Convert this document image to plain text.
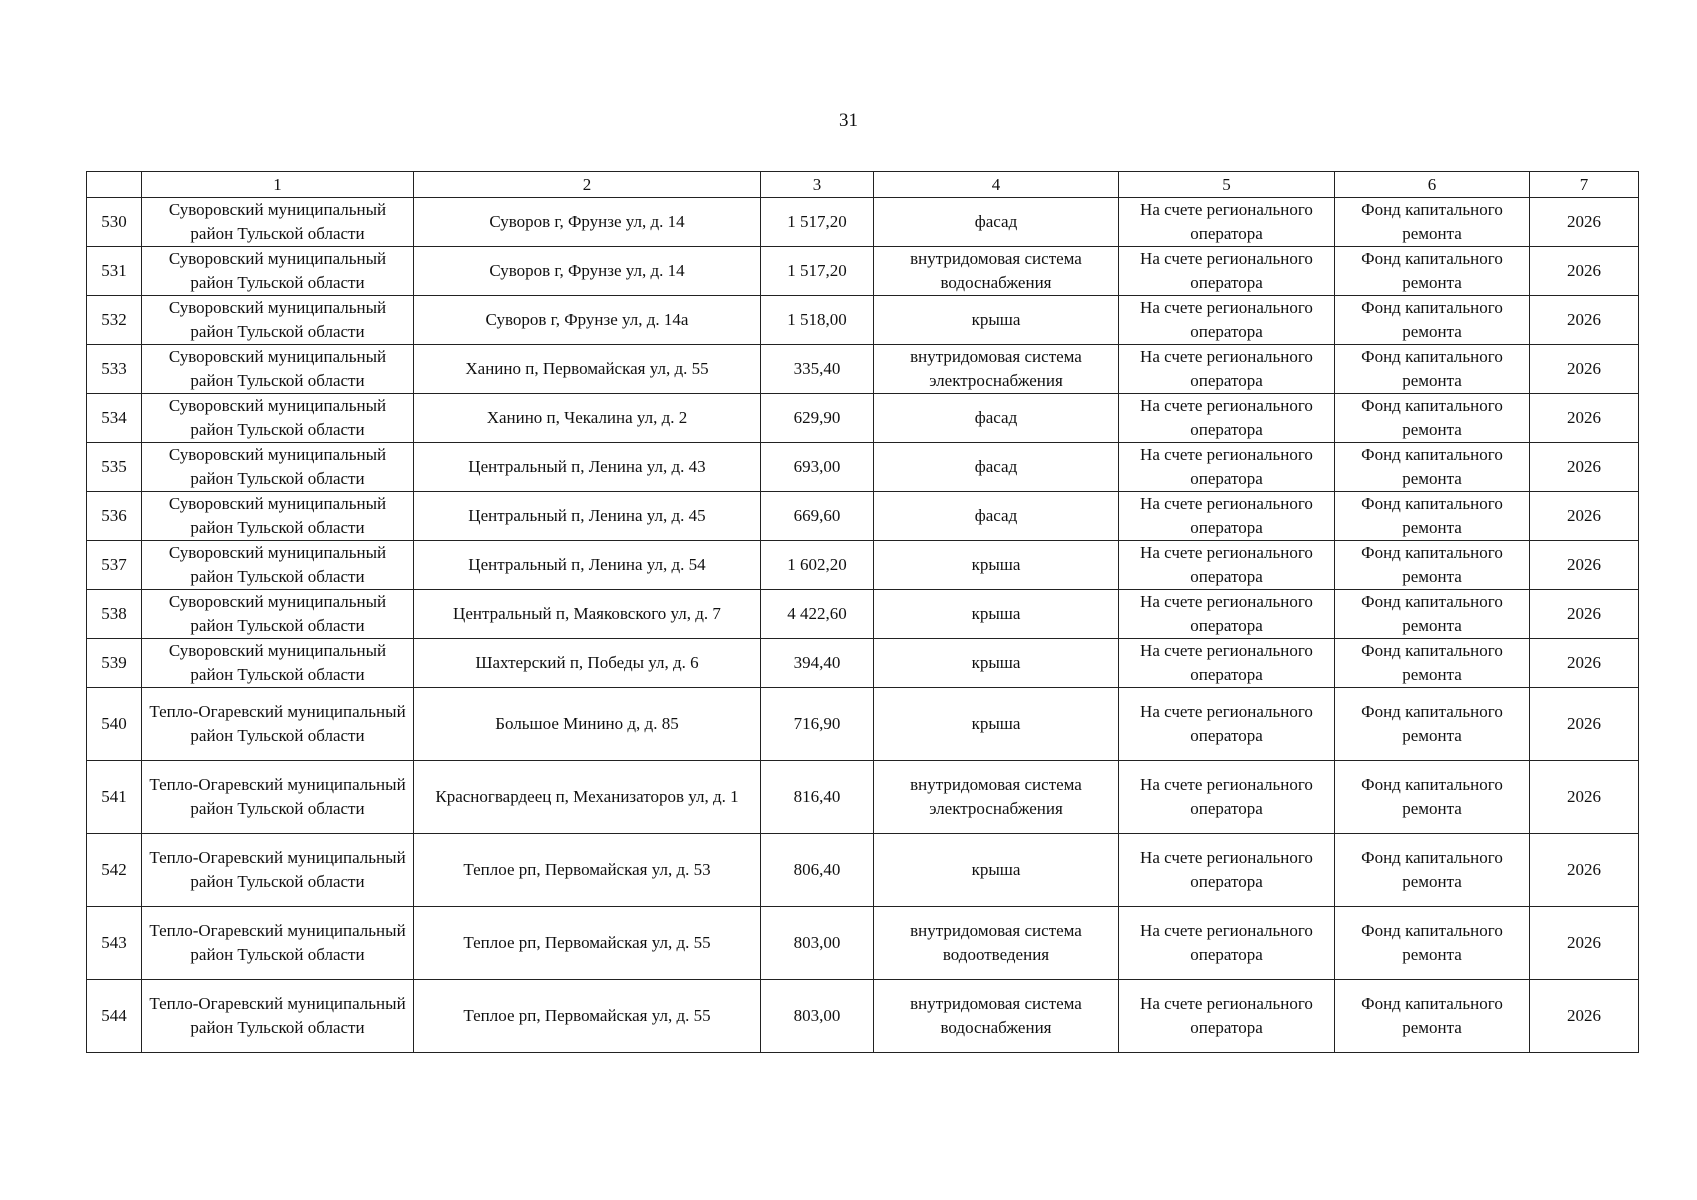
31
	1	2	3	4	5	6	7
530	Суворовский муниципальный район Тульской области	Суворов г, Фрунзе ул, д. 14	1 517,20	фасад	На счете регионального оператора	Фонд капитального ремонта	2026
531	Суворовский муниципальный район Тульской области	Суворов г, Фрунзе ул, д. 14	1 517,20	внутридомовая система водоснабжения	На счете регионального оператора	Фонд капитального ремонта	2026
532	Суворовский муниципальный район Тульской области	Суворов г, Фрунзе ул, д. 14а	1 518,00	крыша	На счете регионального оператора	Фонд капитального ремонта	2026
533	Суворовский муниципальный район Тульской области	Ханино п, Первомайская ул, д. 55	335,40	внутридомовая система электроснабжения	На счете регионального оператора	Фонд капитального ремонта	2026
534	Суворовский муниципальный район Тульской области	Ханино п, Чекалина ул, д. 2	629,90	фасад	На счете регионального оператора	Фонд капитального ремонта	2026
535	Суворовский муниципальный район Тульской области	Центральный п, Ленина ул, д. 43	693,00	фасад	На счете регионального оператора	Фонд капитального ремонта	2026
536	Суворовский муниципальный район Тульской области	Центральный п, Ленина ул, д. 45	669,60	фасад	На счете регионального оператора	Фонд капитального ремонта	2026
537	Суворовский муниципальный район Тульской области	Центральный п, Ленина ул, д. 54	1 602,20	крыша	На счете регионального оператора	Фонд капитального ремонта	2026
538	Суворовский муниципальный район Тульской области	Центральный п, Маяковского ул, д. 7	4 422,60	крыша	На счете регионального оператора	Фонд капитального ремонта	2026
539	Суворовский муниципальный район Тульской области	Шахтерский п, Победы ул, д. 6	394,40	крыша	На счете регионального оператора	Фонд капитального ремонта	2026
540	Тепло-Огаревский муниципальный район Тульской области	Большое Минино д, д. 85	716,90	крыша	На счете регионального оператора	Фонд капитального ремонта	2026
541	Тепло-Огаревский муниципальный район Тульской области	Красногвардеец п, Механизаторов ул, д. 1	816,40	внутридомовая система электроснабжения	На счете регионального оператора	Фонд капитального ремонта	2026
542	Тепло-Огаревский муниципальный район Тульской области	Теплое рп, Первомайская ул, д. 53	806,40	крыша	На счете регионального оператора	Фонд капитального ремонта	2026
543	Тепло-Огаревский муниципальный район Тульской области	Теплое рп, Первомайская ул, д. 55	803,00	внутридомовая система водоотведения	На счете регионального оператора	Фонд капитального ремонта	2026
544	Тепло-Огаревский муниципальный район Тульской области	Теплое рп, Первомайская ул, д. 55	803,00	внутридомовая система водоснабжения	На счете регионального оператора	Фонд капитального ремонта	2026
